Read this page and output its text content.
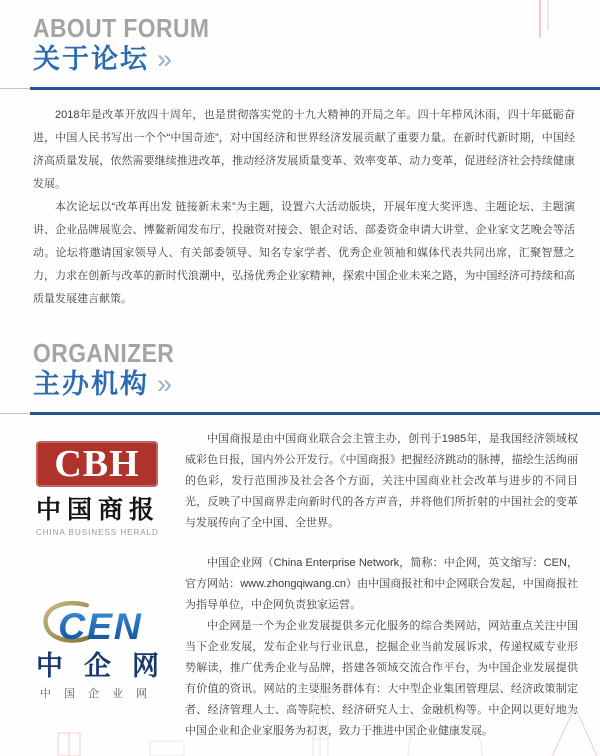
ABOUT FORUM
关于论坛 »

2018年是改革开放四十周年，也是贯彻落实党的十九大精神的开局之年。四十年栉风沐雨，四十年砥砺奋进，中国人民书写出一个个“中国奇迹”，对中国经济和世界经济发展贡献了重要力量。在新时代新时期，中国经济高质量发展，依然需要继续推进改革，推动经济发展质量变革、效率变革、动力变革，促进经济社会持续健康发展。

本次论坛以“改革再出发 链接新未来”为主题，设置六大活动版块，开展年度大奖评选、主题论坛、主题演讲、企业品牌展览会、博鳌新闻发布厅、投融资对接会、银企对话、部委资金申请大讲堂、企业家文艺晚会等活动。论坛将邀请国家领导人、有关部委领导、知名专家学者、优秀企业领袖和媒体代表共同出席，汇聚智慧之力，力求在创新与改革的新时代浪潮中，弘扬优秀企业家精神，探索中国企业未来之路，为中国经济可持续和高质量发展建言献策。

ORGANIZER
主办机构 »
CBH
中国商报
CHINA BUSINESS HERALD

中国商报是由中国商业联合会主管主办，创刊于1985年，是我国经济领域权威彩色日报，国内外公开发行。《中国商报》把握经济跳动的脉搏，描绘生活绚丽的色彩，发行范围涉及社会各个方面，关注中国商业社会改革与进步的不同目光，反映了中国商界走向新时代的各方声音，并将他们所折射的中国社会的变革与发展传向了全中国、全世界。

CEN
中企网
中国企业网

中国企业网（China Enterprise Network，简称：中企网，英文缩写：CEN，官方网站：www.zhongqiwang.cn）由中国商报社和中企网联合发起，中国商报社为指导单位，中企网负责独家运营。

中企网是一个为企业发展提供多元化服务的综合类网站，网站重点关注中国当下企业发展，发布企业与行业讯息，挖掘企业当前发展诉求，传递权威专业形势解读，推广优秀企业与品牌，搭建各领域交流合作平台，为中国企业发展提供有价值的资讯。网站的主要服务群体有：大中型企业集团管理层、经济政策制定者、经济管理人士、高等院校、经济研究人士、金融机构等。中企网以更好地为中国企业和企业家服务为初衷，致力于推进中国企业健康发展。
